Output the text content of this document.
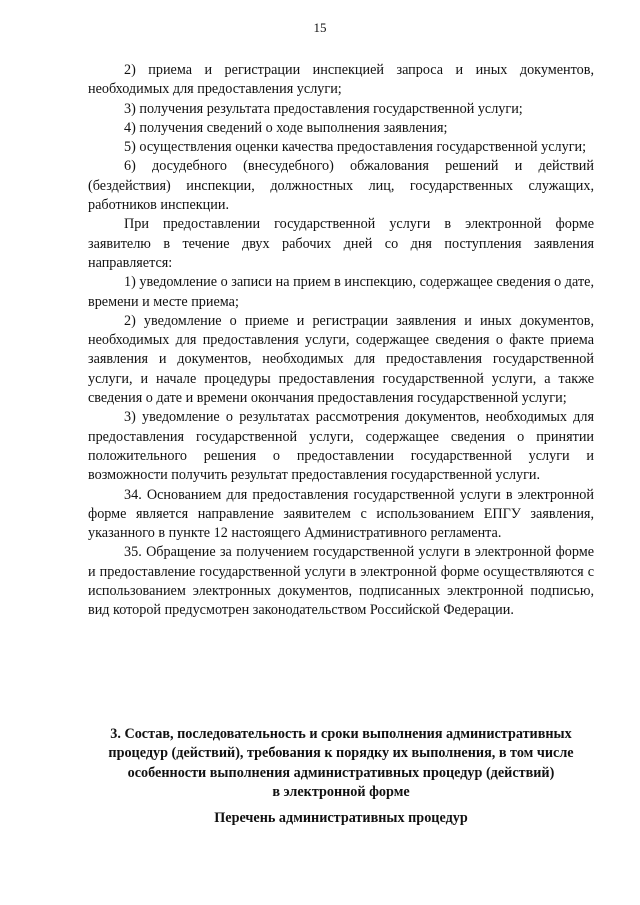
15

2) приема и регистрации инспекцией запроса и иных документов, необходимых для предоставления услуги;

3) получения результата предоставления государственной услуги;

4) получения сведений о ходе выполнения заявления;

5) осуществления оценки качества предоставления государственной услуги;

6) досудебного (внесудебного) обжалования решений и действий (бездействия) инспекции, должностных лиц, государственных служащих, работников инспекции.

При предоставлении государственной услуги в электронной форме заявителю в течение двух рабочих дней со дня поступления заявления направляется:

1) уведомление о записи на прием в инспекцию, содержащее сведения о дате, времени и месте приема;

2) уведомление о приеме и регистрации заявления и иных документов, необходимых для предоставления услуги, содержащее сведения о факте приема заявления и документов, необходимых для предоставления государственной услуги, и начале процедуры предоставления государственной услуги, а также сведения о дате и времени окончания предоставления государственной услуги;

3) уведомление о результатах рассмотрения документов, необходимых для предоставления государственной услуги, содержащее сведения о принятии положительного решения о предоставлении государственной услуги и возможности получить результат предоставления государственной услуги.

34. Основанием для предоставления государственной услуги в электронной форме является направление заявителем с использованием ЕПГУ заявления, указанного в пункте 12 настоящего Административного регламента.

35. Обращение за получением государственной услуги в электронной форме и предоставление государственной услуги в электронной форме осуществляются с использованием электронных документов, подписанных электронной подписью, вид которой предусмотрен законодательством Российской Федерации.

3. Состав, последовательность и сроки выполнения административных
процедур (действий), требования к порядку их выполнения, в том числе
особенности выполнения административных процедур (действий)
в электронной форме
Перечень административных процедур
